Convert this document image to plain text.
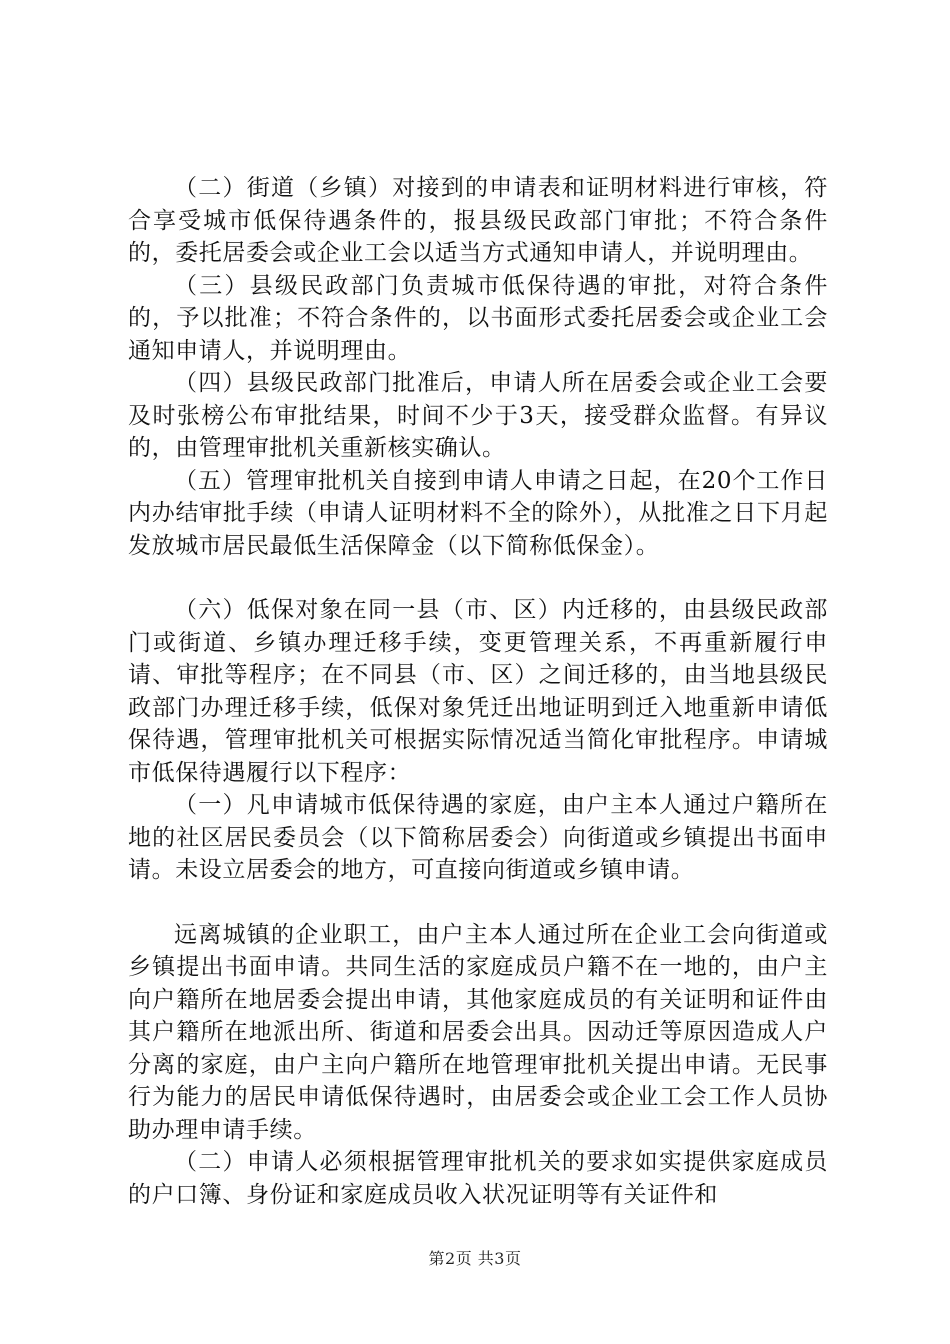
（二）街道（乡镇）对接到的申请表和证明材料进行审核，符合享受城市低保待遇条件的，报县级民政部门审批；不符合条件的，委托居委会或企业工会以适当方式通知申请人，并说明理由。

（三）县级民政部门负责城市低保待遇的审批，对符合条件的，予以批准；不符合条件的，以书面形式委托居委会或企业工会通知申请人，并说明理由。

（四）县级民政部门批准后，申请人所在居委会或企业工会要及时张榜公布审批结果，时间不少于3天，接受群众监督。有异议的，由管理审批机关重新核实确认。

（五）管理审批机关自接到申请人申请之日起，在20个工作日内办结审批手续（申请人证明材料不全的除外），从批准之日下月起发放城市居民最低生活保障金（以下简称低保金）。

（六）低保对象在同一县（市、区）内迁移的，由县级民政部门或街道、乡镇办理迁移手续，变更管理关系，不再重新履行申请、审批等程序；在不同县（市、区）之间迁移的，由当地县级民政部门办理迁移手续，低保对象凭迁出地证明到迁入地重新申请低保待遇，管理审批机关可根据实际情况适当简化审批程序。申请城市低保待遇履行以下程序：

（一）凡申请城市低保待遇的家庭，由户主本人通过户籍所在地的社区居民委员会（以下简称居委会）向街道或乡镇提出书面申请。未设立居委会的地方，可直接向街道或乡镇申请。

远离城镇的企业职工，由户主本人通过所在企业工会向街道或乡镇提出书面申请。共同生活的家庭成员户籍不在一地的，由户主向户籍所在地居委会提出申请，其他家庭成员的有关证明和证件由其户籍所在地派出所、街道和居委会出具。因动迁等原因造成人户分离的家庭，由户主向户籍所在地管理审批机关提出申请。无民事行为能力的居民申请低保待遇时，由居委会或企业工会工作人员协助办理申请手续。

（二）申请人必须根据管理审批机关的要求如实提供家庭成员的户口簿、身份证和家庭成员收入状况证明等有关证件和

第2页 共3页
